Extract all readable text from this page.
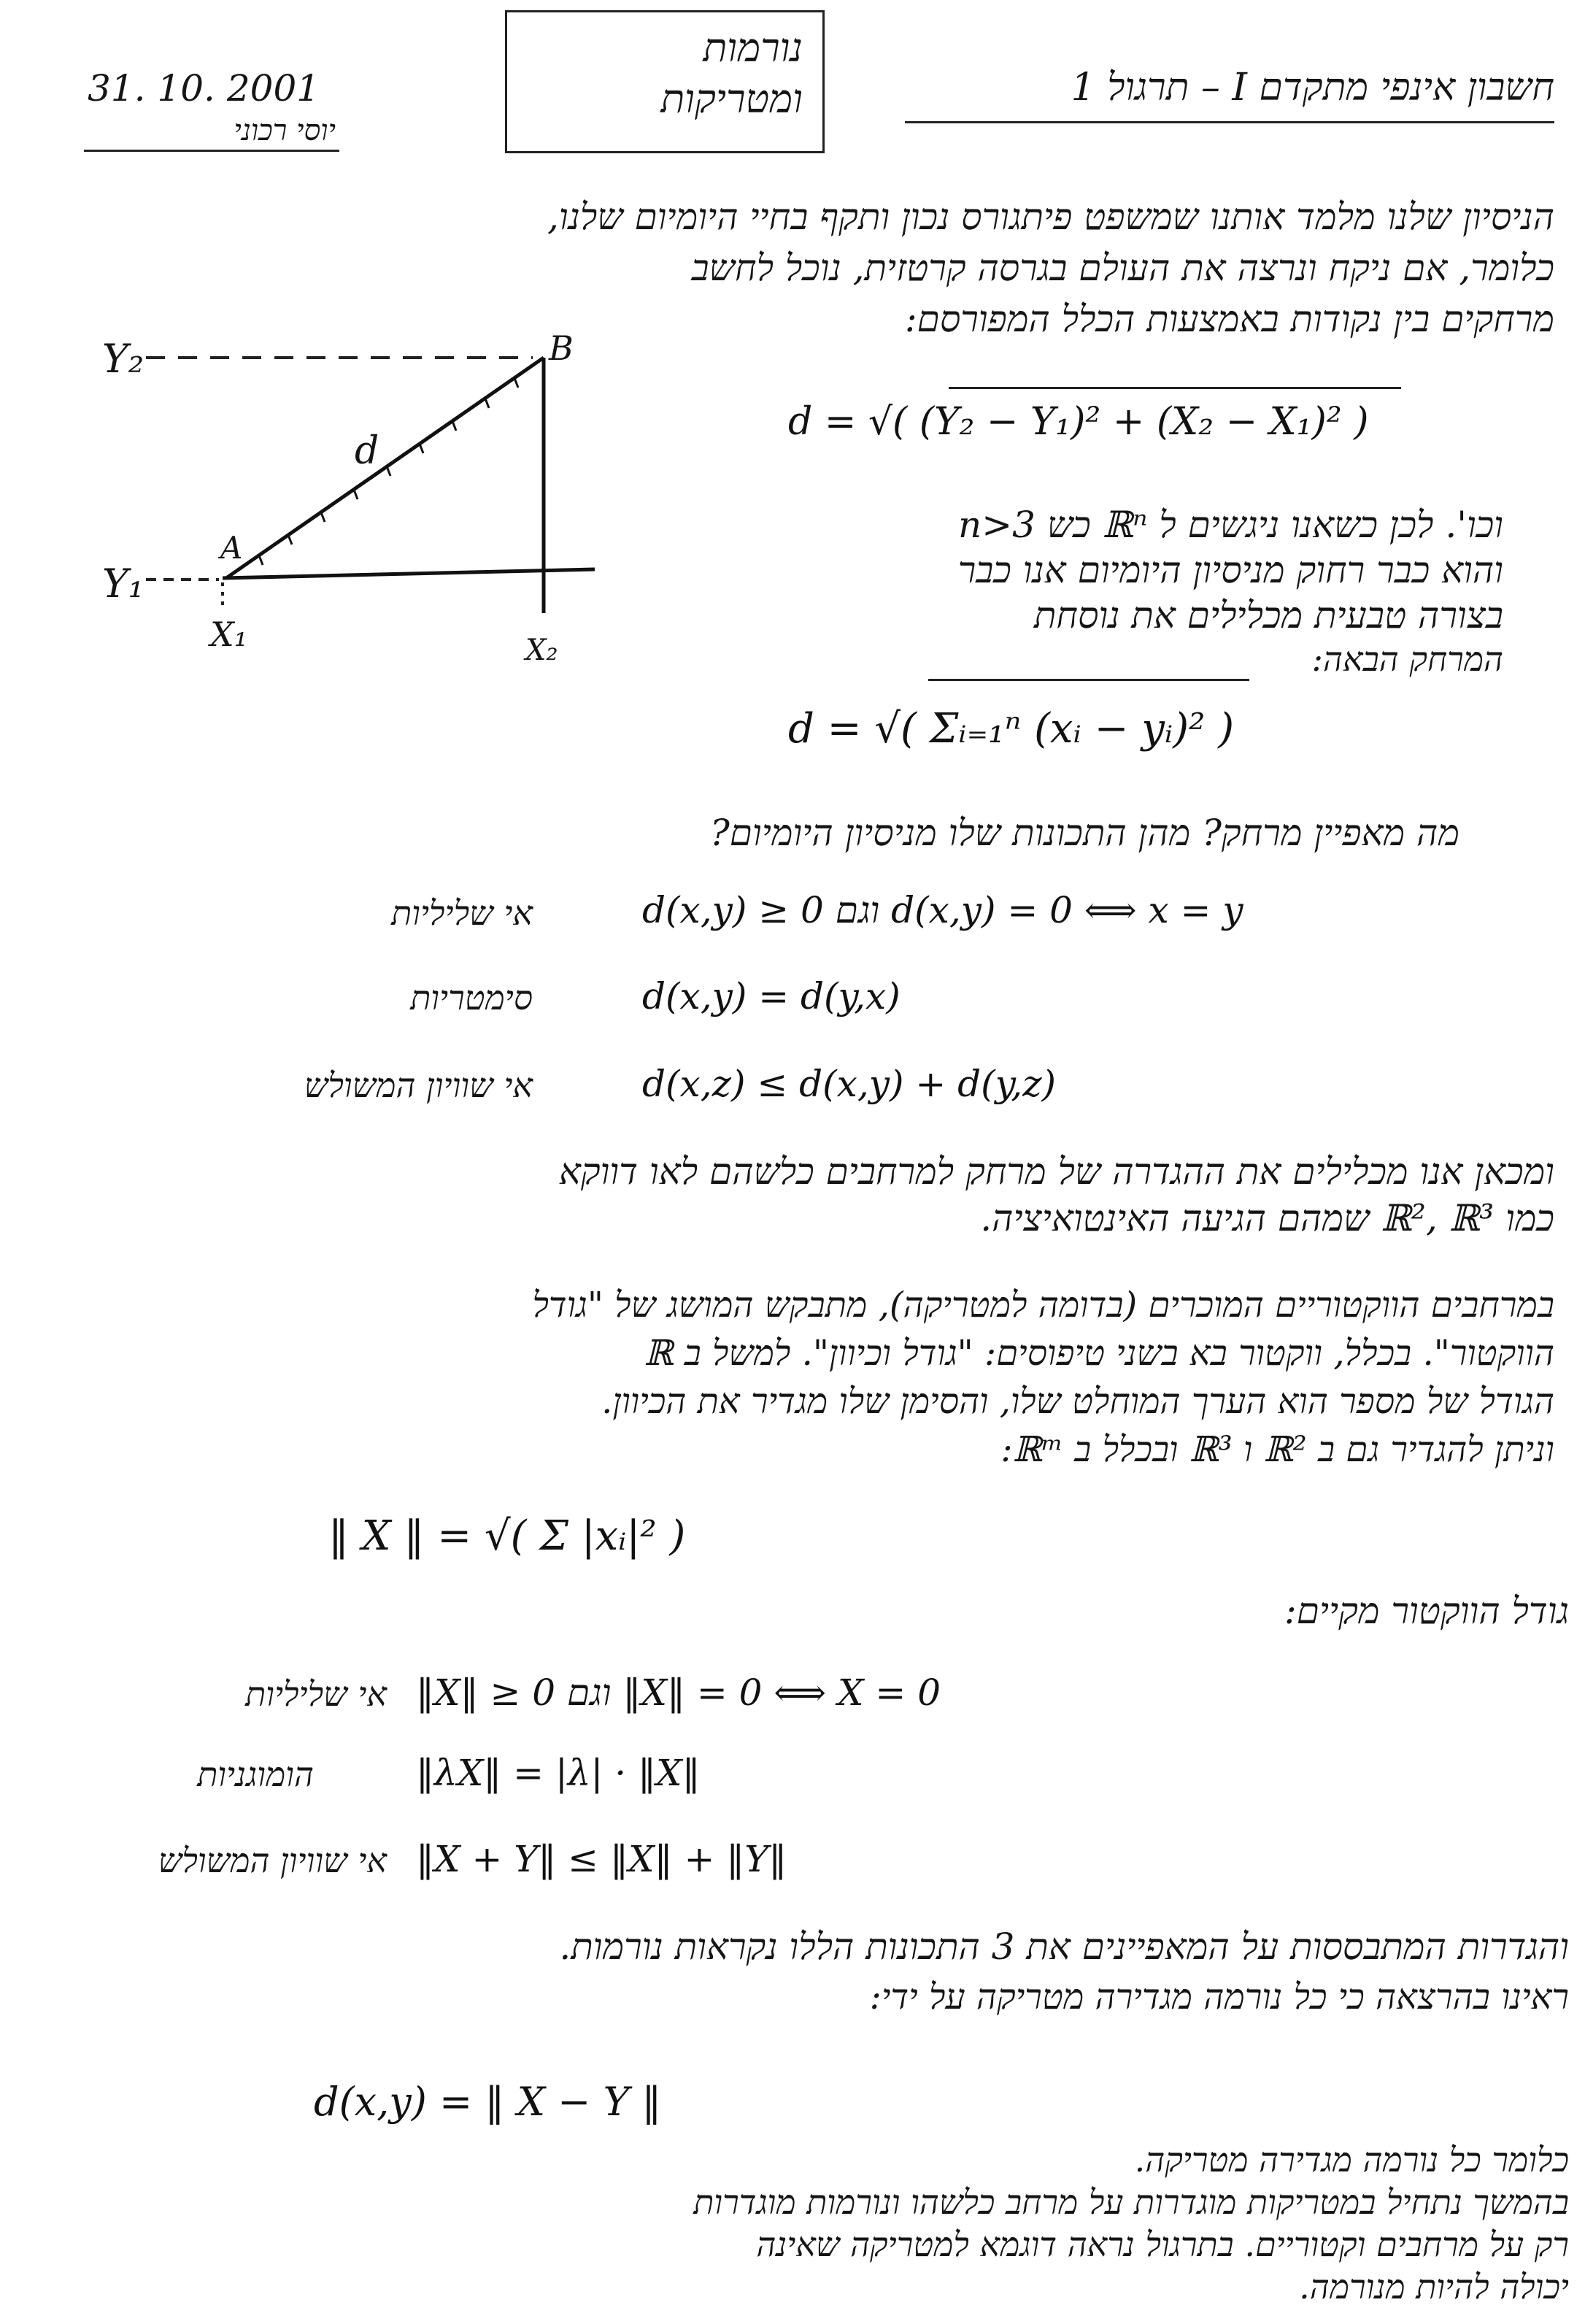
31. 10. 2001
יוסי רכוני
נורמות
ומטריקות	חשבון אינפי מתקדם I – תרגול 1
הניסיון שלנו מלמד אותנו שמשפט פיתגורס נכון ותקף בחיי היומיום שלנו,
כלומר, אם ניקח ונרצה את העולם בגרסה קרטזית, נוכל לחשב
מרחקים בין נקודות באמצעות הכלל המפורסם:
Y₂	B
d
A
Y₁
X₁	X₂
d = √( (Y₂ − Y₁)² + (X₂ − X₁)² )
וכו'. לכן כשאנו ניגשים ל ℝⁿ כש n>3
והוא כבר רחוק מניסיון היומיום אנו כבר
בצורה טבעית מכלילים את נוסחת
המרחק הבאה:
d = √( Σᵢ₌₁ⁿ (xᵢ − yᵢ)² )
מה מאפיין מרחק? מהן התכונות שלו מניסיון היומיום?
d(x,y) ≥ 0 וגם d(x,y) = 0 ⟺ x = y
אי שליליות
d(x,y) = d(y,x)
סימטריות
d(x,z) ≤ d(x,y) + d(y,z)
אי שוויון המשולש
ומכאן אנו מכלילים את ההגדרה של מרחק למרחבים כלשהם לאו דווקא
כמו ℝ², ℝ³ שמהם הגיעה האינטואיציה.
במרחבים הווקטוריים המוכרים (בדומה למטריקה), מתבקש המושג של "גודל
הווקטור". בכלל, ווקטור בא בשני טיפוסים: "גודל וכיוון". למשל ב ℝ
הגודל של מספר הוא הערך המוחלט שלו, והסימן שלו מגדיר את הכיוון.
וניתן להגדיר גם ב ℝ² ו ℝ³ ובכלל ב ℝᵐ:
‖ X ‖ = √( Σ |xᵢ|² )
גודל הווקטור מקיים:
‖X‖ ≥ 0 וגם ‖X‖ = 0 ⟺ X = 0
אי שליליות
‖λX‖ = |λ| · ‖X‖
הומוגניות
‖X + Y‖ ≤ ‖X‖ + ‖Y‖
אי שוויון המשולש
והגדרות המתבססות על המאפיינים את 3 התכונות הללו נקראות נורמות.
ראינו בהרצאה כי כל נורמה מגדירה מטריקה על ידי:
d(x,y) = ‖ X − Y ‖
כלומר כל נורמה מגדירה מטריקה.
בהמשך נתחיל במטריקות מוגדרות על מרחב כלשהו ונורמות מוגדרות
רק על מרחבים וקטוריים. בתרגול נראה דוגמא למטריקה שאינה
יכולה להיות מנורמה.
